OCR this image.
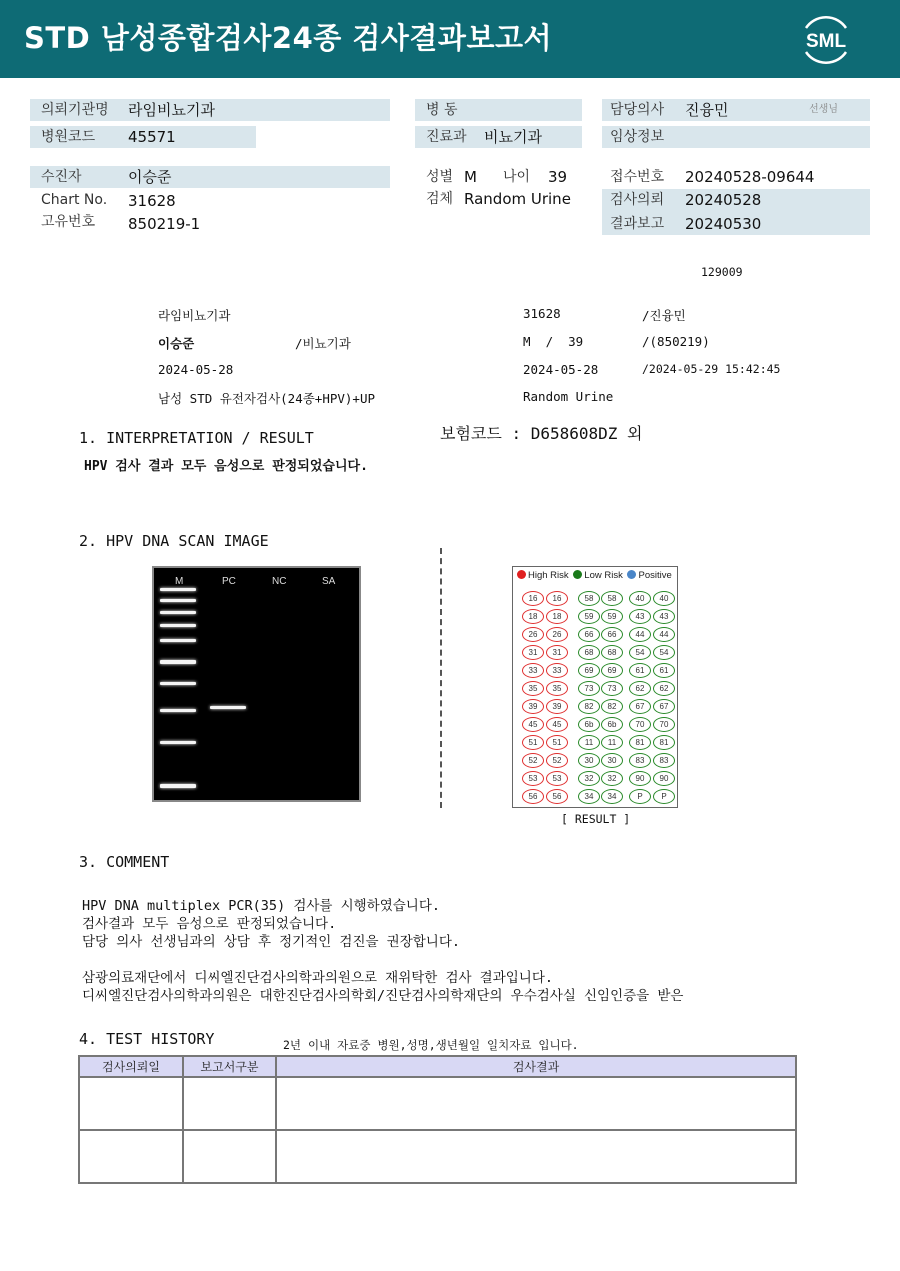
STD 남성종합검사24종 검사결과보고서	SML
의뢰기관명 라임비뇨기과
병원코드 45571
병 동
진료과 비뇨기과
담당의사 진융민	선생님
임상정보
수진자	이승준
Chart No. 31628
고유번호 850219-1
성별 M 나이 39
검체 Random Urine
접수번호 20240528-09644
검사의뢰 20240528
결과보고 20240530
129009
라임비뇨기과
이승준	/비뇨기과
2024-05-28
남성 STD 유전자검사(24종+HPV)+UP
31628	/진융민
M  /  39	/(850219)
2024-05-28	/2024-05-29 15:42:45
Random Urine
보험코드 : D658608DZ 외
1. INTERPRETATION / RESULT
HPV 검사 결과 모두 음성으로 판정되었습니다.
2. HPV DNA SCAN IMAGE
M	PC	NC	SA
High Risk Low Risk Positive
16	16	58	58	40	40
18	18	59	59	43	43
26	26	66	66	44	44
31	31	68	68	54	54
33	33	69	69	61	61
35	35	73	73	62	62
39	39	82	82	67	67
45	45	6b	6b	70	70
51	51	11	11	81	81
52	52	30	30	83	83
53	53	32	32	90	90
56	56	34	34	P	P
[ RESULT ]
3. COMMENT
HPV DNA multiplex PCR(35) 검사를 시행하였습니다.
검사결과 모두 음성으로 판정되었습니다.
담당 의사 선생님과의 상담 후 정기적인 검진을 권장합니다.
삼광의료재단에서 디씨엘진단검사의학과의원으로 재위탁한 검사 결과입니다.
디씨엘진단검사의학과의원은 대한진단검사의학회/진단검사의학재단의 우수검사실 신임인증을 받은
4. TEST HISTORY	2년 이내 자료중 병원,성명,생년월일 일치자료 입니다.
검사의뢰일	보고서구분	검사결과
